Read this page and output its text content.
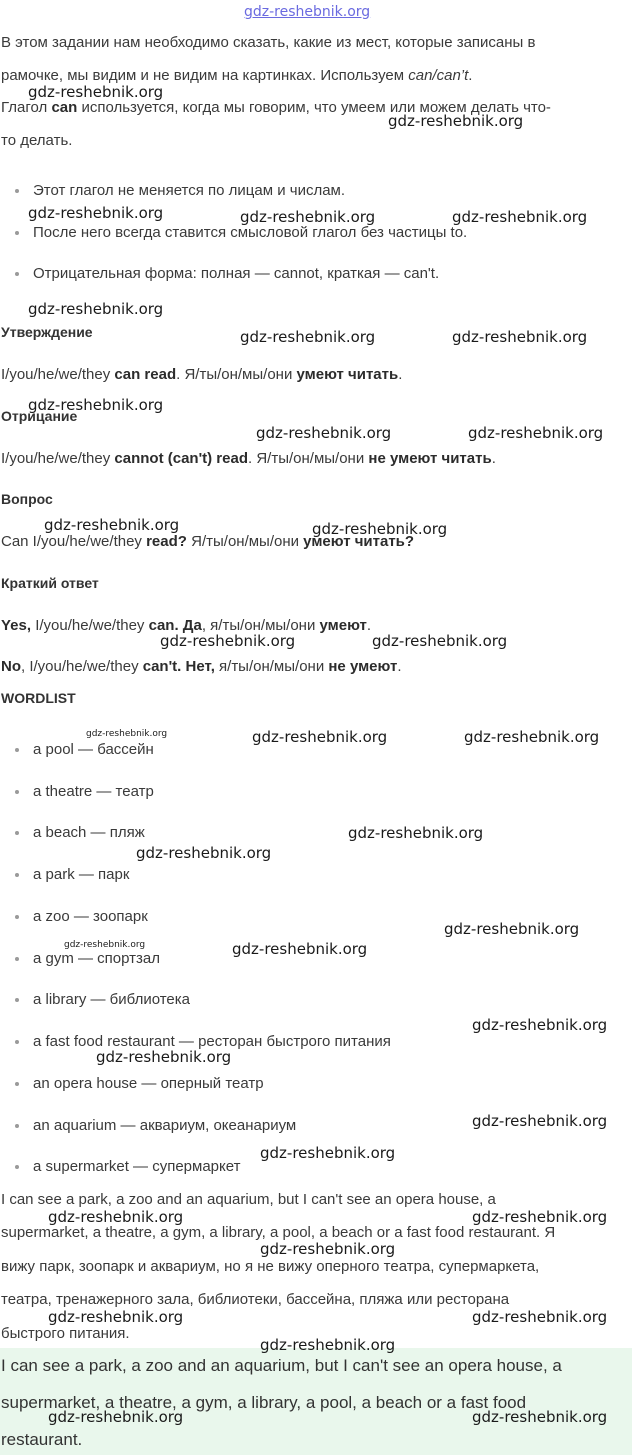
gdz-reshebnik.org
В этом задании нам необходимо сказать, какие из мест, которые записаны в
рамочке, мы видим и не видим на картинках. Используем can/can’t.
Глагол can используется, когда мы говорим, что умеем или можем делать что-
то делать.
Этот глагол не меняется по лицам и числам.
После него всегда ставится смысловой глагол без частицы to.
Отрицательная форма: полная — cannot, краткая — can't.
Утверждение
I/you/he/we/they can read. Я/ты/он/мы/они умеют читать.
Отрицание
I/you/he/we/they cannot (can't) read. Я/ты/он/мы/они не умеют читать.
Вопрос
Can I/you/he/we/they read? Я/ты/он/мы/они умеют читать?
Краткий ответ
Yes, I/you/he/we/they can. Да, я/ты/он/мы/они умеют.
No, I/you/he/we/they can't. Нет, я/ты/он/мы/они не умеют.
WORDLIST
a pool — бассейн
a theatre — театр
a beach — пляж
a park — парк
a zoo — зоопарк
a gym — спортзал
a library — библиотека
a fast food restaurant — ресторан быстрого питания
an opera house — оперный театр
an aquarium — аквариум, океанариум
a supermarket — супермаркет
I can see a park, a zoo and an aquarium, but I can't see an opera house, a
supermarket, a theatre, a gym, a library, a pool, a beach or a fast food restaurant. Я
вижу парк, зоопарк и аквариум, но я не вижу оперного театра, супермаркета,
театра, тренажерного зала, библиотеки, бассейна, пляжа или ресторана
быстрого питания.
I can see a park, a zoo and an aquarium, but I can't see an opera house, a
supermarket, a theatre, a gym, a library, a pool, a beach or a fast food
restaurant.
gdz-reshebnik.org
gdz-reshebnik.org
gdz-reshebnik.org	gdz-reshebnik.org	gdz-reshebnik.org
gdz-reshebnik.org
gdz-reshebnik.org	gdz-reshebnik.org
gdz-reshebnik.org
gdz-reshebnik.org	gdz-reshebnik.org
gdz-reshebnik.org	gdz-reshebnik.org
gdz-reshebnik.org	gdz-reshebnik.org
gdz-reshebnik.org	gdz-reshebnik.org	gdz-reshebnik.org
gdz-reshebnik.org
gdz-reshebnik.org
gdz-reshebnik.org
gdz-reshebnik.org	gdz-reshebnik.org
gdz-reshebnik.org
gdz-reshebnik.org
gdz-reshebnik.org
gdz-reshebnik.org
gdz-reshebnik.org	gdz-reshebnik.org
gdz-reshebnik.org
gdz-reshebnik.org	gdz-reshebnik.org
gdz-reshebnik.org
gdz-reshebnik.org	gdz-reshebnik.org
